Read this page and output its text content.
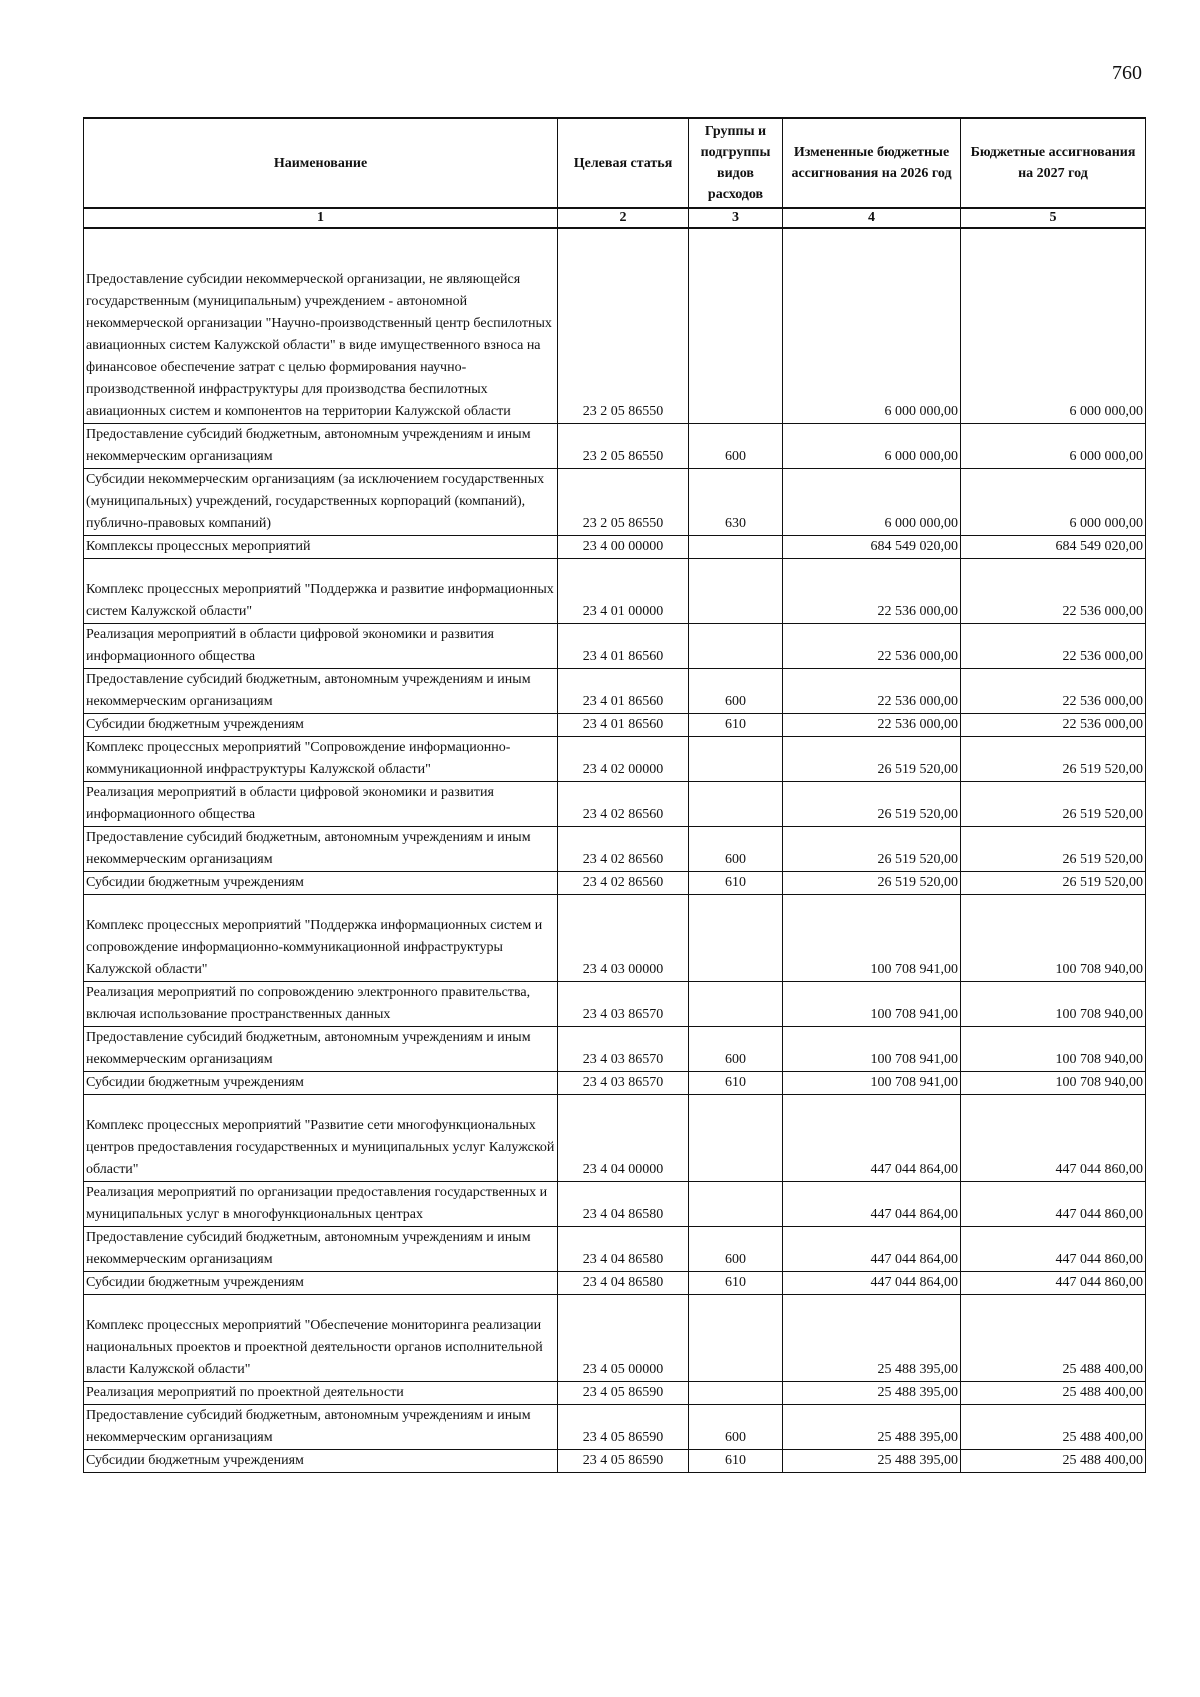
760
Наименование	Целевая статья	Группы и подгруппы видов расходов	Измененные бюджетные ассигнования на 2026 год	Бюджетные ассигнования на 2027 год
1	2	3	4	5
Предоставление субсидии некоммерческой организации, не являющейся государственным (муниципальным) учреждением - автономной некоммерческой организации "Научно-производственный центр беспилотных авиационных систем Калужской области" в виде имущественного взноса на финансовое обеспечение затрат с целью формирования научно-производственной инфраструктуры для производства беспилотных авиационных систем и компонентов на территории Калужской области	23 2 05 86550		6 000 000,00	6 000 000,00
Предоставление субсидий бюджетным, автономным учреждениям и иным некоммерческим организациям	23 2 05 86550	600	6 000 000,00	6 000 000,00
Субсидии некоммерческим организациям (за исключением государственных (муниципальных) учреждений, государственных корпораций (компаний), публично-правовых компаний)	23 2 05 86550	630	6 000 000,00	6 000 000,00
Комплексы процессных мероприятий	23 4 00 00000		684 549 020,00	684 549 020,00
Комплекс процессных мероприятий "Поддержка и развитие информационных систем Калужской области"	23 4 01 00000		22 536 000,00	22 536 000,00
Реализация мероприятий в области цифровой экономики и развития информационного общества	23 4 01 86560		22 536 000,00	22 536 000,00
Предоставление субсидий бюджетным, автономным учреждениям и иным некоммерческим организациям	23 4 01 86560	600	22 536 000,00	22 536 000,00
Субсидии бюджетным учреждениям	23 4 01 86560	610	22 536 000,00	22 536 000,00
Комплекс процессных мероприятий "Сопровождение информационно-коммуникационной инфраструктуры Калужской области"	23 4 02 00000		26 519 520,00	26 519 520,00
Реализация мероприятий в области цифровой экономики и развития информационного общества	23 4 02 86560		26 519 520,00	26 519 520,00
Предоставление субсидий бюджетным, автономным учреждениям и иным некоммерческим организациям	23 4 02 86560	600	26 519 520,00	26 519 520,00
Субсидии бюджетным учреждениям	23 4 02 86560	610	26 519 520,00	26 519 520,00
Комплекс процессных мероприятий "Поддержка информационных систем и сопровождение информационно-коммуникационной инфраструктуры Калужской области"	23 4 03 00000		100 708 941,00	100 708 940,00
Реализация мероприятий по сопровождению электронного правительства, включая использование пространственных данных	23 4 03 86570		100 708 941,00	100 708 940,00
Предоставление субсидий бюджетным, автономным учреждениям и иным некоммерческим организациям	23 4 03 86570	600	100 708 941,00	100 708 940,00
Субсидии бюджетным учреждениям	23 4 03 86570	610	100 708 941,00	100 708 940,00
Комплекс процессных мероприятий "Развитие сети многофункциональных центров предоставления государственных и муниципальных услуг Калужской области"	23 4 04 00000		447 044 864,00	447 044 860,00
Реализация мероприятий по организации предоставления государственных и муниципальных услуг в многофункциональных центрах	23 4 04 86580		447 044 864,00	447 044 860,00
Предоставление субсидий бюджетным, автономным учреждениям и иным некоммерческим организациям	23 4 04 86580	600	447 044 864,00	447 044 860,00
Субсидии бюджетным учреждениям	23 4 04 86580	610	447 044 864,00	447 044 860,00
Комплекс процессных мероприятий "Обеспечение мониторинга реализации национальных проектов и проектной деятельности органов исполнительной власти Калужской области"	23 4 05 00000		25 488 395,00	25 488 400,00
Реализация мероприятий по проектной деятельности	23 4 05 86590		25 488 395,00	25 488 400,00
Предоставление субсидий бюджетным, автономным учреждениям и иным некоммерческим организациям	23 4 05 86590	600	25 488 395,00	25 488 400,00
Субсидии бюджетным учреждениям	23 4 05 86590	610	25 488 395,00	25 488 400,00
